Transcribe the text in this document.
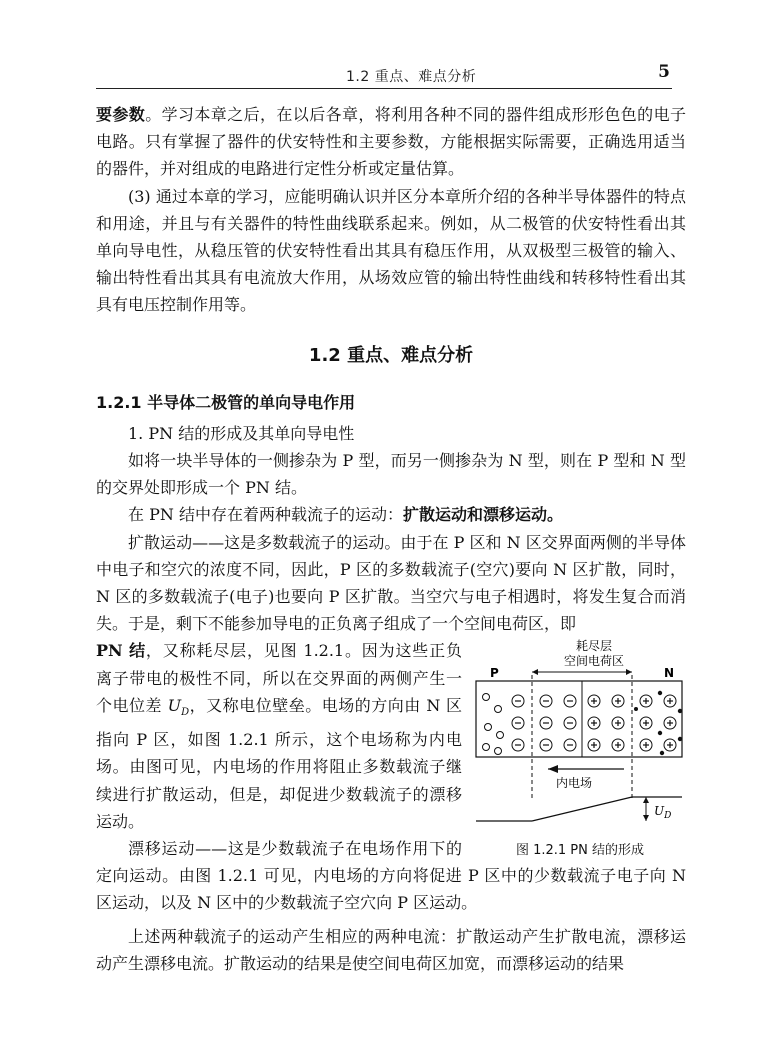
1.2 重点、难点分析	5

要参数。学习本章之后，在以后各章，将利用各种不同的器件组成形形色色的电子电路。只有掌握了器件的伏安特性和主要参数，方能根据实际需要，正确选用适当的器件，并对组成的电路进行定性分析或定量估算。

(3) 通过本章的学习，应能明确认识并区分本章所介绍的各种半导体器件的特点和用途，并且与有关器件的特性曲线联系起来。例如，从二极管的伏安特性看出其单向导电性，从稳压管的伏安特性看出其具有稳压作用，从双极型三极管的输入、输出特性看出其具有电流放大作用，从场效应管的输出特性曲线和转移特性看出其具有电压控制作用等。

1.2 重点、难点分析

1.2.1 半导体二极管的单向导电作用

1. PN 结的形成及其单向导电性

如将一块半导体的一侧掺杂为 P 型，而另一侧掺杂为 N 型，则在 P 型和 N 型的交界处即形成一个 PN 结。

在 PN 结中存在着两种载流子的运动：扩散运动和漂移运动。

扩散运动——这是多数载流子的运动。由于在 P 区和 N 区交界面两侧的半导体中电子和空穴的浓度不同，因此，P 区的多数载流子(空穴)要向 N 区扩散，同时，N 区的多数载流子(电子)也要向 P 区扩散。当空穴与电子相遇时，将发生复合而消失。于是，剩下不能参加导电的正负离子组成了一个空间电荷区，即

耗尽层
空间电荷区
P	N
内电场
$U_D$
图 1.2.1 PN 结的形成

PN 结，又称耗尽层，见图 1.2.1。因为这些正负离子带电的极性不同，所以在交界面的两侧产生一个电位差 $U_D$，又称电位壁垒。电场的方向由 N 区指向 P 区，如图 1.2.1 所示，这个电场称为内电场。由图可见，内电场的作用将阻止多数载流子继续进行扩散运动，但是，却促进少数载流子的漂移运动。

漂移运动——这是少数载流子在电场作用下的定向运动。由图 1.2.1 可见，内电场的方向将促进 P 区中的少数载流子电子向 N 区运动，以及 N 区中的少数载流子空穴向 P 区运动。

上述两种载流子的运动产生相应的两种电流：扩散运动产生扩散电流，漂移运动产生漂移电流。扩散运动的结果是使空间电荷区加宽，而漂移运动的结果
